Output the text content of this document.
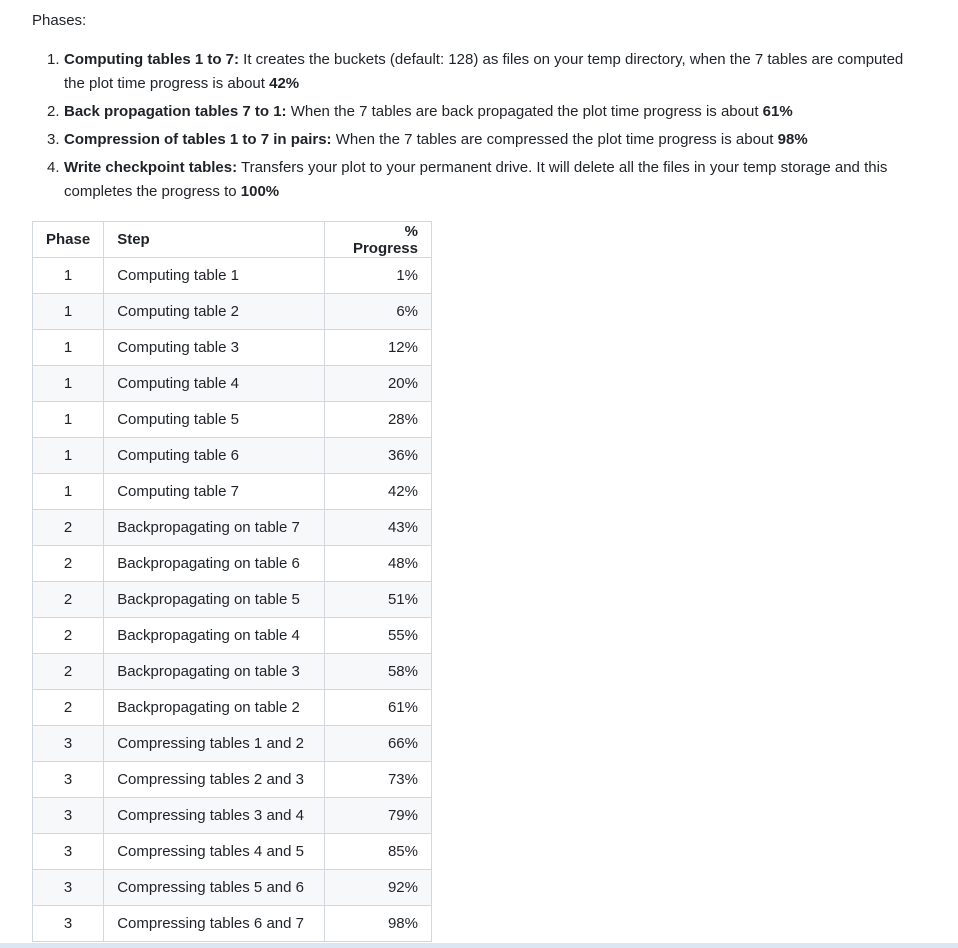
Phases:
1. Computing tables 1 to 7: It creates the buckets (default: 128) as files on your temp directory, when the 7 tables are computed the plot time progress is about 42%
2. Back propagation tables 7 to 1: When the 7 tables are back propagated the plot time progress is about 61%
3. Compression of tables 1 to 7 in pairs: When the 7 tables are compressed the plot time progress is about 98%
4. Write checkpoint tables: Transfers your plot to your permanent drive. It will delete all the files in your temp storage and this completes the progress to 100%
Phase	Step	% Progress
1	Computing table 1	1%
1	Computing table 2	6%
1	Computing table 3	12%
1	Computing table 4	20%
1	Computing table 5	28%
1	Computing table 6	36%
1	Computing table 7	42%
2	Backpropagating on table 7	43%
2	Backpropagating on table 6	48%
2	Backpropagating on table 5	51%
2	Backpropagating on table 4	55%
2	Backpropagating on table 3	58%
2	Backpropagating on table 2	61%
3	Compressing tables 1 and 2	66%
3	Compressing tables 2 and 3	73%
3	Compressing tables 3 and 4	79%
3	Compressing tables 4 and 5	85%
3	Compressing tables 5 and 6	92%
3	Compressing tables 6 and 7	98%
